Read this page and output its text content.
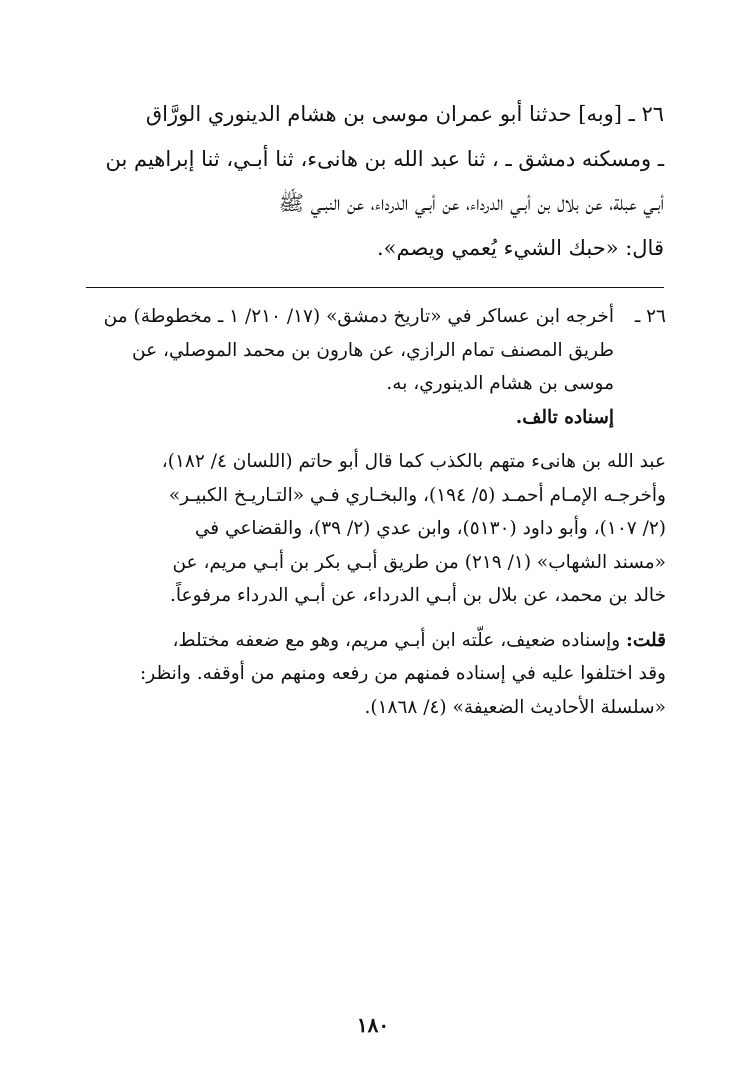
٢٦ ـ [وبه] حدثنا أبو عمران موسى بن هشام الدينوري الورَّاق
ـ ومسكنه دمشق ـ ، ثنا عبد الله بن هانىء، ثنا أبـي، ثنا إبراهيم بن
أبـي عبلة، عن بلال بن أبـي الدرداء، عن أبـي الدرداء، عن النبـي ﷺ
قال: «حبك الشيء يُعمي ويصم».
٢٦ ـ
أخرجه ابن عساكر في «تاريخ دمشق» (١٧/ ٢١٠/ ١ ـ مخطوطة) من
طريق المصنف تمام الرازي، عن هارون بن محمد الموصلي، عن
موسى بن هشام الدينوري، به.
إسناده تالف.
عبد الله بن هانىء متهم بالكذب كما قال أبو حاتم (اللسان ٤/ ١٨٢)،
وأخرجـه الإمـام أحمـد (٥/ ١٩٤)، والبخـاري فـي «التـاريـخ الكبيـر»
(٢/ ١٠٧)، وأبو داود (٥١٣٠)، وابن عدي (٢/ ٣٩)، والقضاعي في
«مسند الشهاب» (١/ ٢١٩) من طريق أبـي بكر بن أبـي مريم، عن
خالد بن محمد، عن بلال بن أبـي الدرداء، عن أبـي الدرداء مرفوعاً.
قلت: وإسناده ضعيف، علّته ابن أبـي مريم، وهو مع ضعفه مختلط،
وقد اختلفوا عليه في إسناده فمنهم من رفعه ومنهم من أوقفه. وانظر:
«سلسلة الأحاديث الضعيفة» (٤/ ١٨٦٨).
١٨٠
